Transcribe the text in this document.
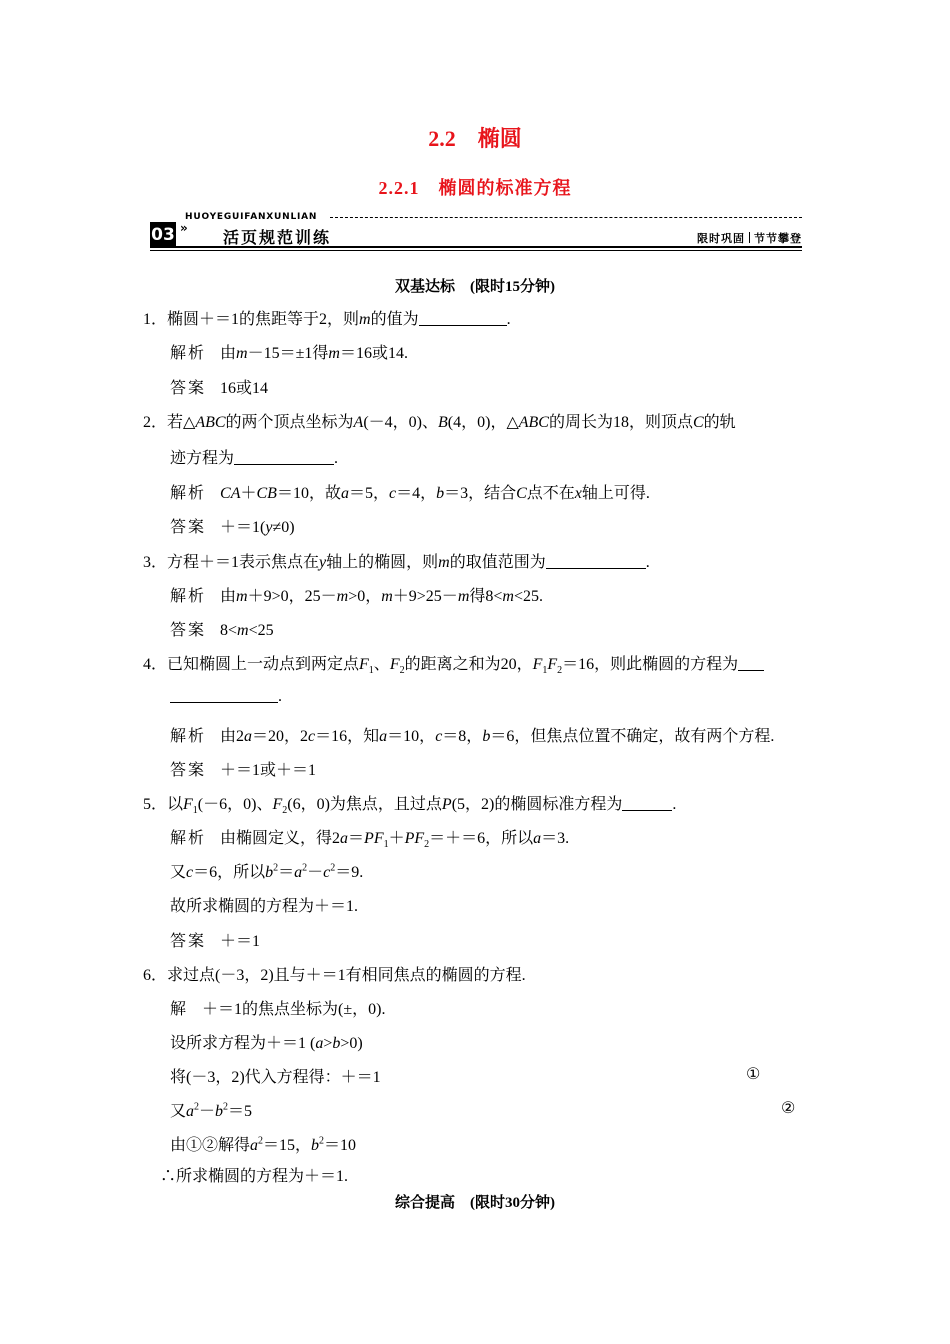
2.2　椭圆
2.2.1　椭圆的标准方程
HUOYEGUIFANXUNLIAN
03 » 活页规范训练	限时巩固 节节攀登
双基达标　(限时15分钟)
1．椭圆＋＝1的焦距等于2，则m的值为	.
解析 由m－15＝±1得m＝16或14.
答案 16或14
2．若△ABC的两个顶点坐标为A(－4，0)、B(4，0)，△ABC的周长为18，则顶点C的轨
迹方程为	.
解析 CA＋CB＝10，故a＝5，c＝4，b＝3，结合C点不在x轴上可得.
答案 ＋＝1(y≠0)
3．方程＋＝1表示焦点在y轴上的椭圆，则m的取值范围为	.
解析 由m＋9>0，25－m>0，m＋9>25－m得8<m<25.
答案 8<m<25
4．已知椭圆上一动点到两定点$F_1$、$F_2$的距离之和为20，$F_1F_2=16$，则此椭圆的方程为
.
解析 由2a＝20，2c＝16，知a＝10，c＝8，b＝6，但焦点位置不确定，故有两个方程.
答案 ＋＝1或＋＝1
5．以$F_1(-6$，0)、$F_2(6$，0)为焦点，且过点P(5，2)的椭圆标准方程为	.
解析 由椭圆定义，得$2a=PF_1+PF_2=+=6$，所以a＝3.
又c＝6，所以$b^2=a^2-c^2=9$.
故所求椭圆的方程为＋＝1.
答案 ＋＝1
6．求过点(－3，2)且与＋＝1有相同焦点的椭圆的方程.
解 ＋＝1的焦点坐标为(±，0).
设所求方程为＋＝1 (a>b>0)
将(－3，2)代入方程得：＋＝1	①
又$a^2-b^2=5$	②
由①②解得$a^2=15$，$b^2=10$
∴所求椭圆的方程为＋＝1.
综合提高　(限时30分钟)
